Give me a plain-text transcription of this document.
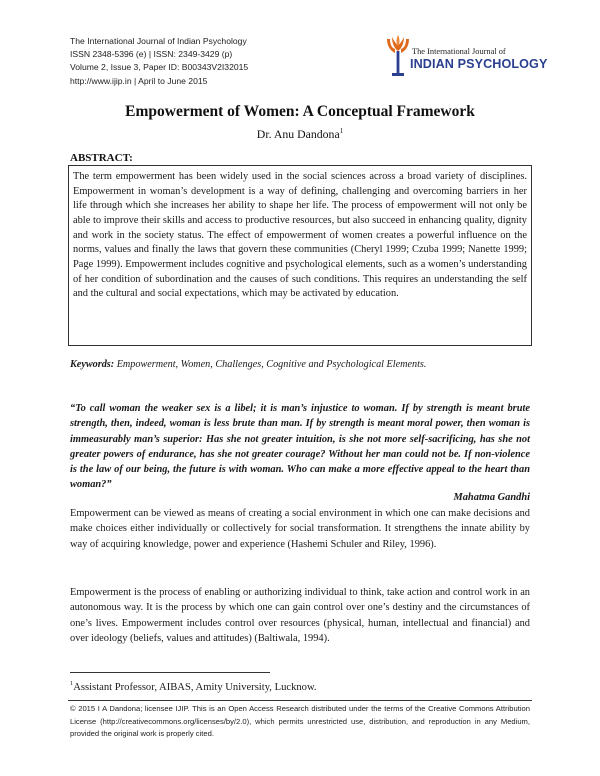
The International Journal of Indian Psychology
ISSN 2348-5396 (e) | ISSN: 2349-3429 (p)
Volume 2, Issue 3, Paper ID: B00343V2I32015
http://www.ijip.in | April to June 2015
The International Journal of
INDIAN PSYCHOLOGY
Empowerment of Women: A Conceptual Framework
Dr. Anu Dandona$^1$
ABSTRACT:

The term empowerment has been widely used in the social sciences across a broad variety of disciplines. Empowerment in woman’s development is a way of defining, challenging and overcoming barriers in her life through which she increases her ability to shape her life. The process of empowerment will not only be able to improve their skills and access to productive resources, but also succeed in enhancing quality, dignity and work in the society status. The effect of empowerment of women creates a powerful influence on the norms, values and finally the laws that govern these communities (Cheryl 1999; Czuba 1999; Nanette 1999; Page 1999). Empowerment includes cognitive and psychological elements, such as a women’s understanding of her condition of subordination and the causes of such conditions. This requires an understanding the self and the cultural and social expectations, which may be activated by education.

Keywords: Empowerment, Women, Challenges, Cognitive and Psychological Elements.

“To call woman the weaker sex is a libel; it is man’s injustice to woman. If by strength is meant brute strength, then, indeed, woman is less brute than man. If by strength is meant moral power, then woman is immeasurably man’s superior: Has she not greater intuition, is she not more self-sacrificing, has she not greater powers of endurance, has she not greater courage? Without her man could not be. If non-violence is the law of our being, the future is with woman. Who can make a more effective appeal to the heart than woman?”

Mahatma Gandhi

Empowerment can be viewed as means of creating a social environment in which one can make decisions and make choices either individually or collectively for social transformation. It strengthens the innate ability by way of acquiring knowledge, power and experience (Hashemi Schuler and Riley, 1996).

Empowerment is the process of enabling or authorizing individual to think, take action and control work in an autonomous way. It is the process by which one can gain control over one’s destiny and the circumstances of one’s lives. Empowerment includes control over resources (physical, human, intellectual and financial) and over ideology (beliefs, values and attitudes) (Baltiwala, 1994).

$^1$Assistant Professor, AIBAS, Amity University, Lucknow.

© 2015 I A Dandona; licensee IJIP. This is an Open Access Research distributed under the terms of the Creative Commons Attribution License (http://creativecommons.org/licenses/by/2.0), which permits unrestricted use, distribution, and reproduction in any Medium, provided the original work is properly cited.
